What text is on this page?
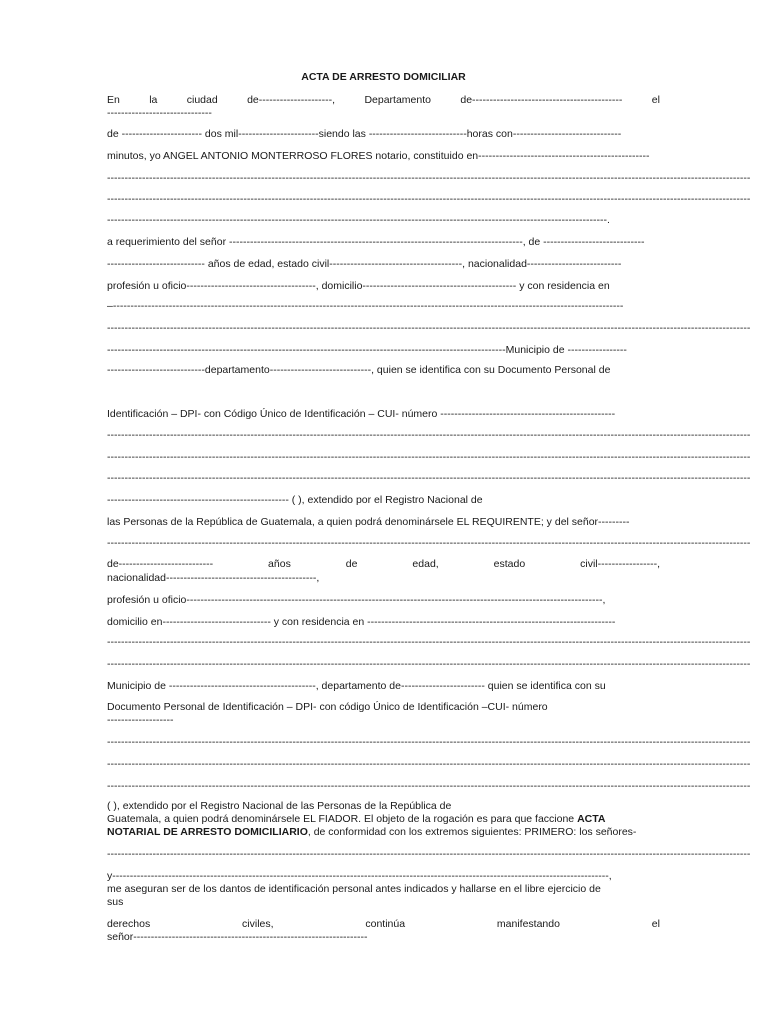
ACTA DE ARRESTO DOMICILIAR
En	la	ciudad	de---------------------,	Departamento	de-------------------------------------------	el
------------------------------
de ----------------------- dos mil-----------------------siendo las ----------------------------horas con-------------------------------
minutos, yo ANGEL ANTONIO MONTERROSO FLORES notario, constituido en-------------------------------------------------
----------------------------------------------------------------------------------------------------------------------------------------------------------------------------------------
----------------------------------------------------------------------------------------------------------------------------------------------------------------------------------------
-----------------------------------------------------------------------------------------------------------------------------------------------.
a requerimiento del señor ------------------------------------------------------------------------------------, de -----------------------------
---------------------------- años de edad, estado civil--------------------------------------, nacionalidad---------------------------
profesión u oficio-------------------------------------, domicilio-------------------------------------------- y con residencia en
–--------------------------------------------------------------------------------------------------------------------------------------------------
----------------------------------------------------------------------------------------------------------------------------------------------------------------------------------------
------------------------------------------------------------------------------------------------------------------Municipio de -----------------
----------------------------departamento-----------------------------, quien se identifica con su Documento Personal de
Identificación – DPI- con Código Único de Identificación – CUI- número --------------------------------------------------
----------------------------------------------------------------------------------------------------------------------------------------------------------------------------------------
----------------------------------------------------------------------------------------------------------------------------------------------------------------------------------------
----------------------------------------------------------------------------------------------------------------------------------------------------------------------------------------
---------------------------------------------------- ( ), extendido por el Registro Nacional de
las Personas de la República de Guatemala, a quien podrá denominársele EL REQUIRENTE; y del señor---------
----------------------------------------------------------------------------------------------------------------------------------------------------------------------------------------
de---------------------------	años	de	edad,	estado	civil-----------------,
nacionalidad-------------------------------------------,
profesión u oficio-----------------------------------------------------------------------------------------------------------------------,
domicilio en------------------------------- y con residencia en -----------------------------------------------------------------------
----------------------------------------------------------------------------------------------------------------------------------------------------------------------------------------
----------------------------------------------------------------------------------------------------------------------------------------------------------------------------------------
Municipio de ------------------------------------------, departamento de------------------------ quien se identifica con su
Documento Personal de Identificación – DPI- con código Único de Identificación –CUI- número
-------------------
----------------------------------------------------------------------------------------------------------------------------------------------------------------------------------------
----------------------------------------------------------------------------------------------------------------------------------------------------------------------------------------
----------------------------------------------------------------------------------------------------------------------------------------------------------------------------------------
( ), extendido por el Registro Nacional de las Personas de la República de
Guatemala, a quien podrá denominársele EL FIADOR. El objeto de la rogación es para que faccione ACTA
NOTARIAL DE ARRESTO DOMICILIARIO, de conformidad con los extremos siguientes: PRIMERO: los señores-
----------------------------------------------------------------------------------------------------------------------------------------------------------------------------------------
y----------------------------------------------------------------------------------------------------------------------------------------------,
me aseguran ser de los dantos de identificación personal antes indicados y hallarse en el libre ejercicio de
sus
derechos	civiles,	continúa	manifestando	el
señor-------------------------------------------------------------------
